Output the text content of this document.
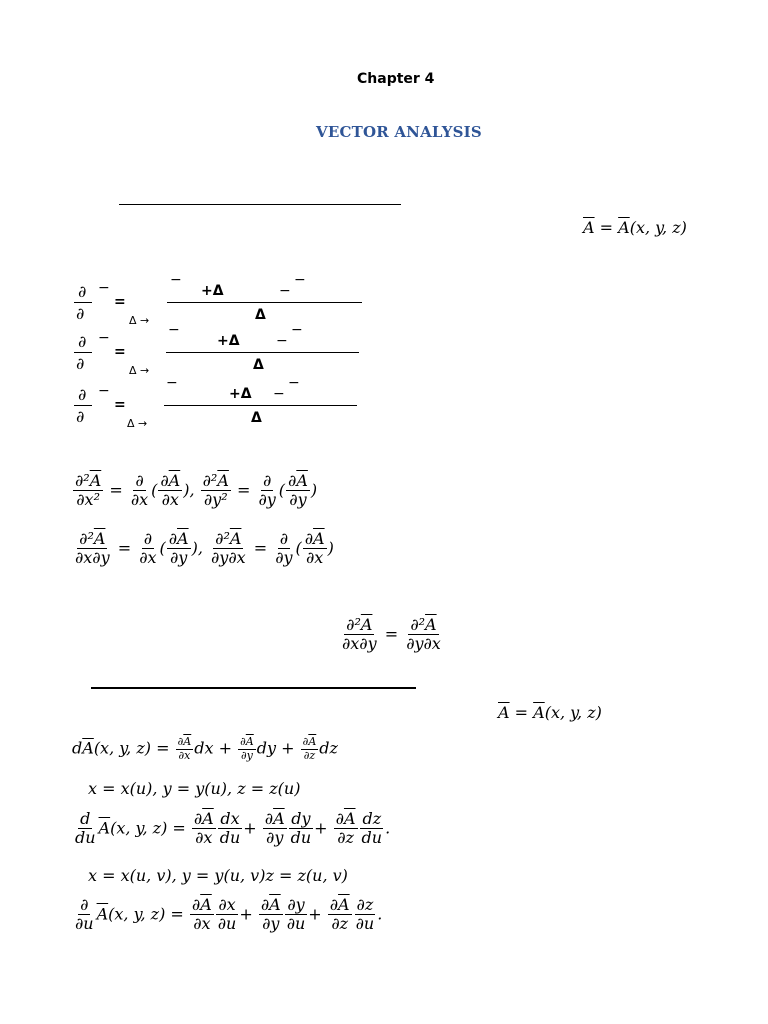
Chapter 4
VECTOR ANALYSIS
$\overline{A} = \overline{A}(x$, y, z)
∂ −
∂
=
Δ →
−
+Δ	−
−
Δ
∂ −
∂
=
Δ →
−
+Δ	−
−
Δ
∂ −
∂
=
Δ →
−
+Δ −
−
Δ
$\frac{\partial^2\overline{A}}{\text{∂x²}} = \frac{\partial}{\partial x}$ ( $\frac{\partial\overline{A}}{\partial x}$ ), $\frac{\partial^2\overline{A}}{\text{∂y²}} = \frac{\partial}{\partial y}$ ( $\frac{\partial\overline{A}}{\partial y}$ )
$\frac{\partial^2\overline{A}}{\partial x\partial y} = \frac{\partial}{\partial x}$ ( $\frac{\partial\overline{A}}{\partial y}$ ), $\frac{\partial^2\overline{A}}{\partial y\partial x} = \frac{\partial}{\partial y}$ ( $\frac{\partial\overline{A}}{\partial x}$ )
$\frac{\partial^2\overline{A}}{\partial x\partial y} = \frac{\partial^2\overline{A}}{\partial y\partial x}$
$\overline{A} = \overline{A}(x$, y, z)
$d\overline{A}(x$, y, $z) = \frac{\partial\overline{A}}{\partial x}$ dx + $\frac{\partial\overline{A}}{\partial y}$ dy + $\frac{\partial\overline{A}}{\partial z}$ dz
x = x(u), y = y(u), z = z(u)
$\frac{d}{du} \overline{A}(x$, y, $z) = \frac{\partial\overline{A}}{\partial x} \frac{dx}{du} + \frac{\partial\overline{A}}{\partial y} \frac{dy}{du} + \frac{\partial\overline{A}}{\partial z} \frac{dz}{du}$ .
x = x(u, v), y = y(u, v)z = z(u, v)
$\frac{\partial}{\partial u} \overline{A}(x$, y, $z) = \frac{\partial\overline{A}}{\partial x} \frac{\partial x}{\partial u} + \frac{\partial\overline{A}}{\partial y} \frac{\partial y}{\partial u} + \frac{\partial\overline{A}}{\partial z} \frac{\partial z}{\partial u}$ .
